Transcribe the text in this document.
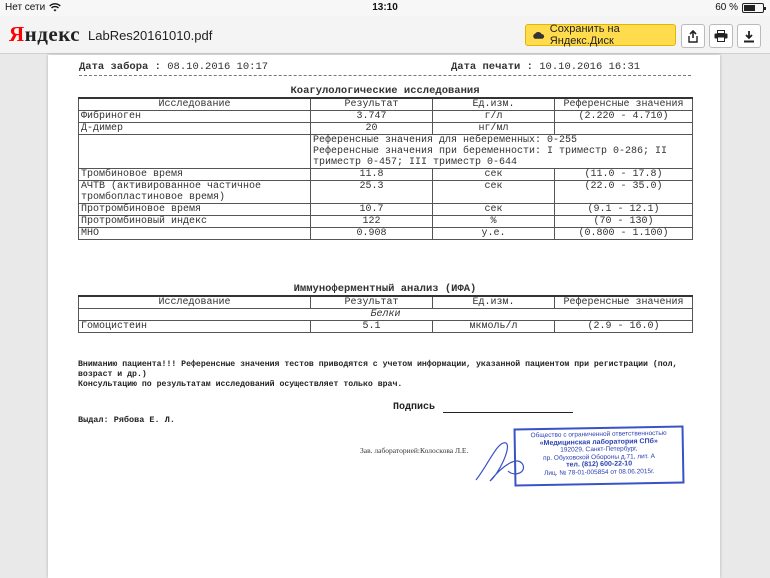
Нет сети	13:10	60 %
Яндекс LabRes20161010.pdf	Сохранить на Яндекс.Диск
Дата забора : 08.10.2016 10:17	Дата печати : 10.10.2016 16:31
Коагулологические исследования
Исследование	Результат	Ед.изм.	Референсные значения
Фибриноген	3.747	г/л	(2.220 - 4.710)
Д-димер	20	нг/мл	

	Референсные значения для небеременных: 0-255
Референсные значения при беременности: I триместр 0-286; II триместр 0-457; III триместр 0-644		

Тромбиновое время	11.8	сек	(11.0 - 17.8)
АЧТВ (активированное частичное тромбопластиновое время)	25.3	сек	(22.0 - 35.0)
Протромбиновое время	10.7	сек	(9.1 - 12.1)
Протромбиновый индекс	122	%	(70 - 130)
МНО	0.908	у.е.	(0.800 - 1.100)
Иммуноферментный анализ (ИФА)
Исследование	Результат	Ед.изм.	Референсные значения
Белки			
Гомоцистеин	5.1	мкмоль/л	(2.9 - 16.0)
Вниманию пациента!!! Референсные значения тестов приводятся с учетом информации, указанной пациентом при регистрации (пол, возраст и др.)
Консультацию по результатам исследований осуществляет только врач.
Подпись
Выдал: Рябова Е. Л.
Зав. лабораторией:Колоскова Л.Е.
Общество с ограниченной ответственностью
«Медицинская лаборатория СПб»
192029, Санкт-Петербург,
пр. Обуховской Обороны д.71, лит. А
тел. (812) 600-22-10
Лиц. № 78-01-005854 от 08.06.2015г.
